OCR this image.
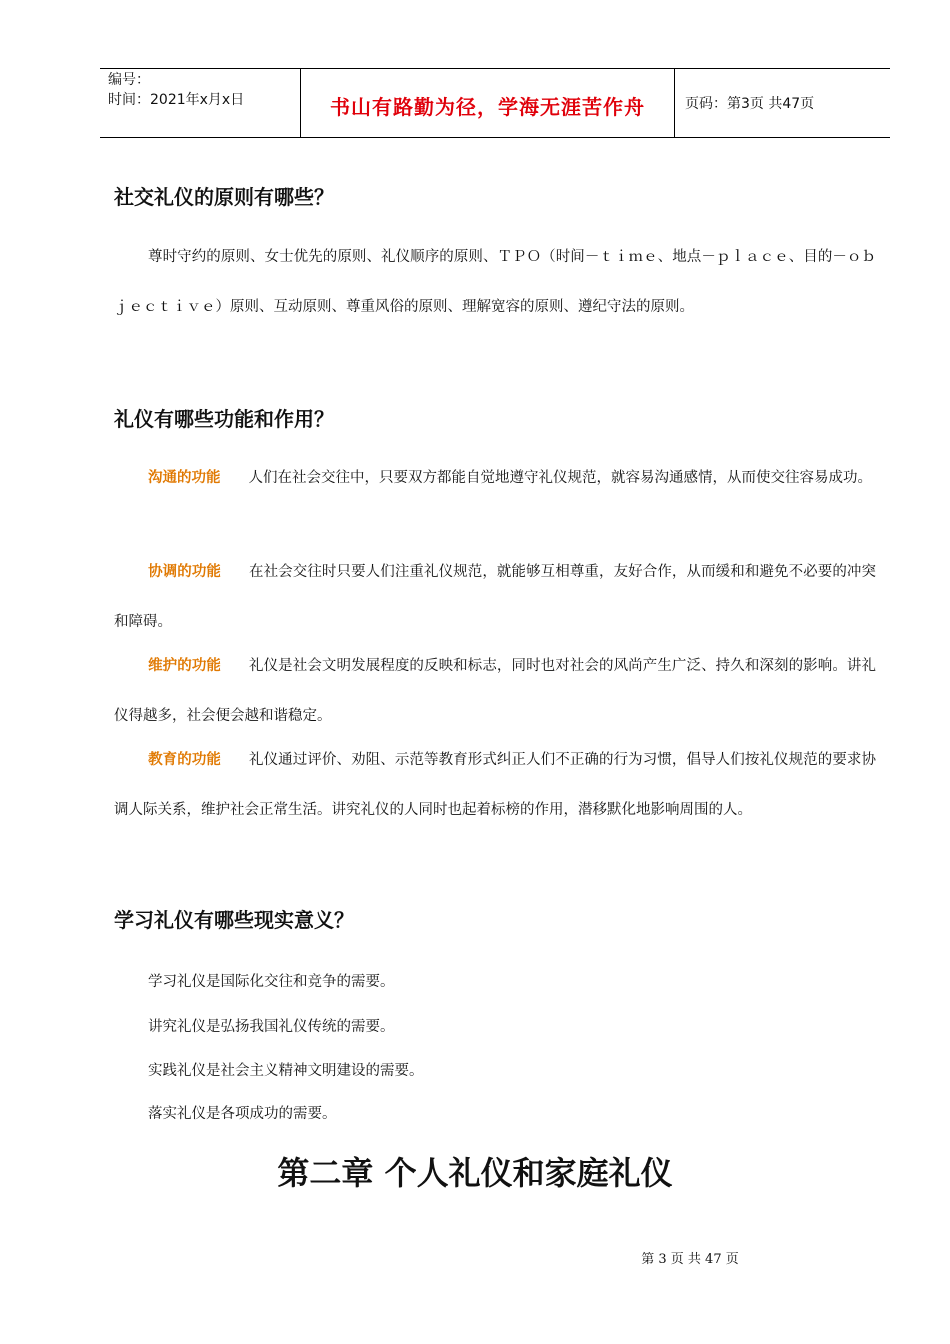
编号：
时间：2021年x月x日	书山有路勤为径，学海无涯苦作舟	页码：第3页 共47页
社交礼仪的原则有哪些？
尊时守约的原则、女士优先的原则、礼仪顺序的原则、ＴＰＯ（时间－ｔｉｍｅ、地点－ｐｌａｃｅ、目的－ｏｂｊｅｃｔｉｖｅ）原则、互动原则、尊重风俗的原则、理解宽容的原则、遵纪守法的原则。
礼仪有哪些功能和作用？
沟通的功能 人们在社会交往中，只要双方都能自觉地遵守礼仪规范，就容易沟通感情，从而使交往容易成功。
协调的功能 在社会交往时只要人们注重礼仪规范，就能够互相尊重，友好合作，从而缓和和避免不必要的冲突和障碍。
维护的功能 礼仪是社会文明发展程度的反映和标志，同时也对社会的风尚产生广泛、持久和深刻的影响。讲礼仪得越多，社会便会越和谐稳定。
教育的功能 礼仪通过评价、劝阻、示范等教育形式纠正人们不正确的行为习惯，倡导人们按礼仪规范的要求协调人际关系，维护社会正常生活。讲究礼仪的人同时也起着标榜的作用，潜移默化地影响周围的人。
学习礼仪有哪些现实意义？
学习礼仪是国际化交往和竞争的需要。
讲究礼仪是弘扬我国礼仪传统的需要。
实践礼仪是社会主义精神文明建设的需要。
落实礼仪是各项成功的需要。
第二章 个人礼仪和家庭礼仪
第 3 页 共 47 页
